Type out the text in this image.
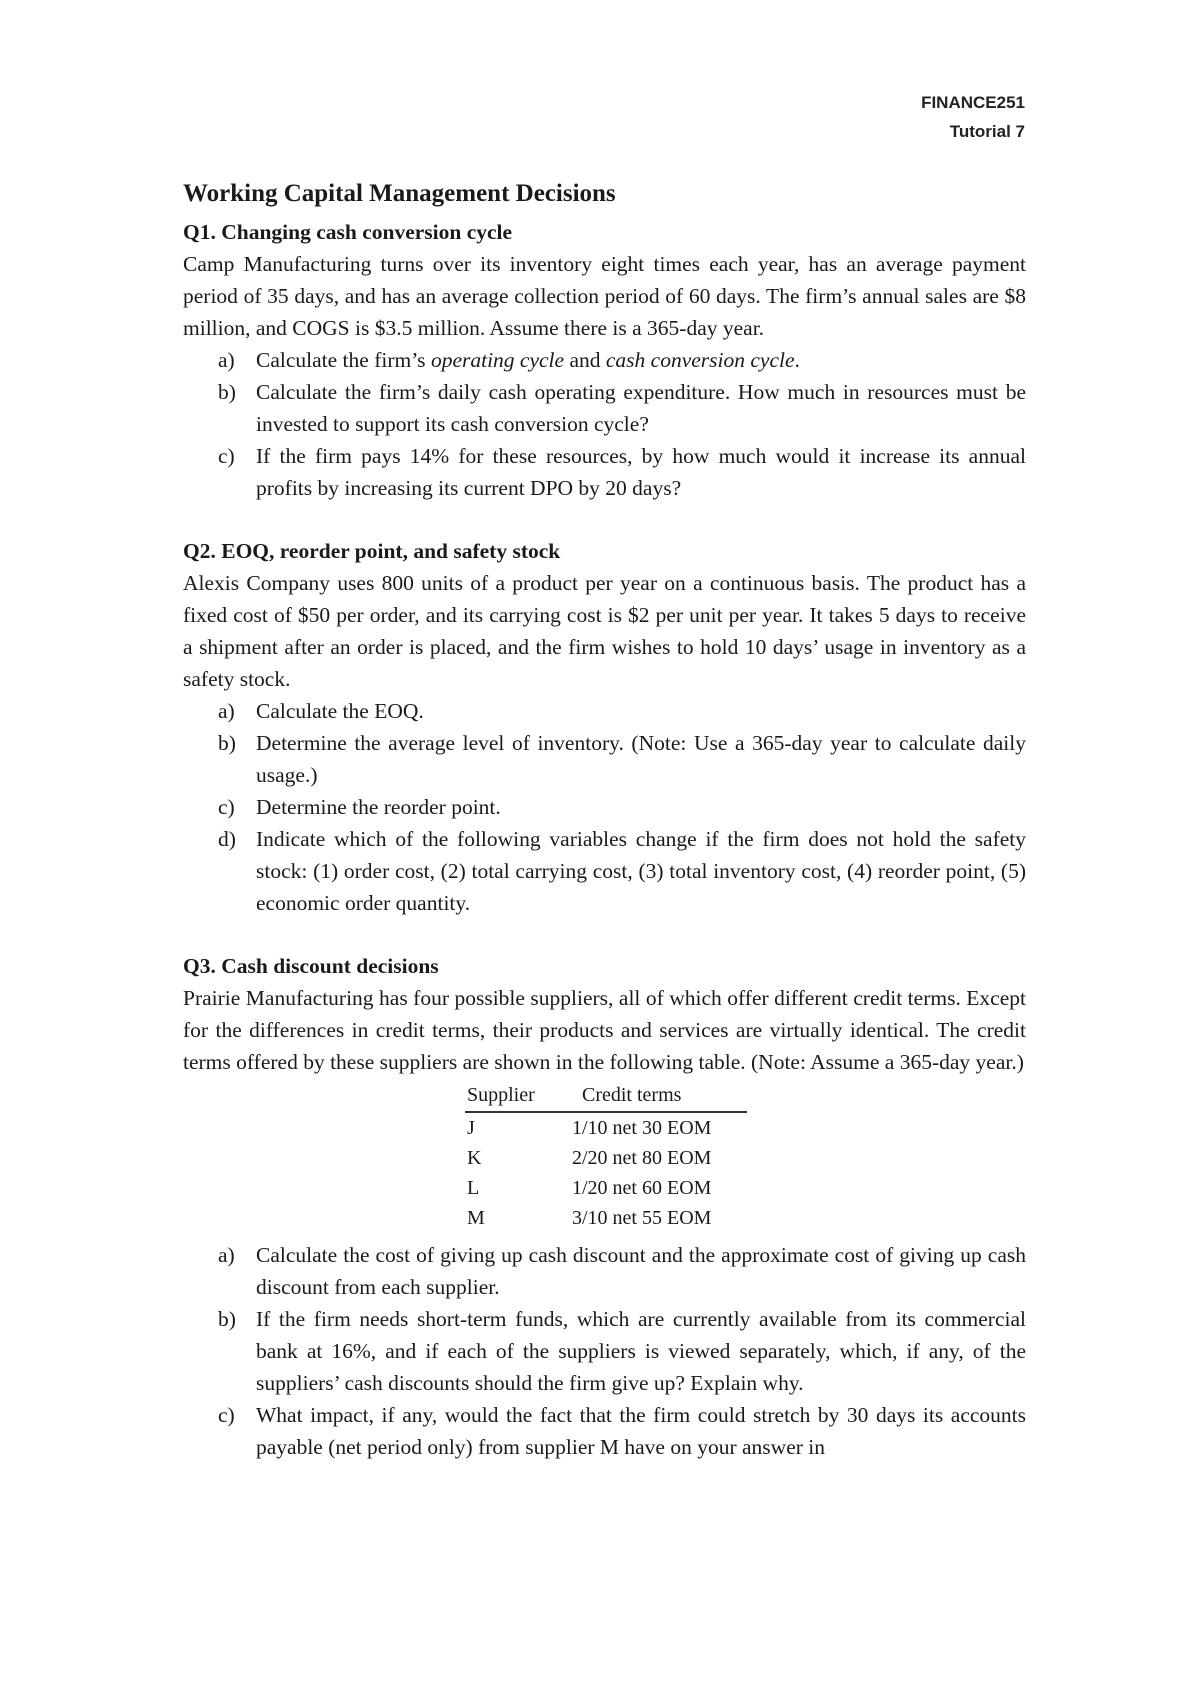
FINANCE251
Tutorial 7
Working Capital Management Decisions
Q1. Changing cash conversion cycle
Camp Manufacturing turns over its inventory eight times each year, has an average payment period of 35 days, and has an average collection period of 60 days. The firm’s annual sales are $8 million, and COGS is $3.5 million. Assume there is a 365-day year.
a) Calculate the firm’s operating cycle and cash conversion cycle.
b) Calculate the firm’s daily cash operating expenditure. How much in resources must be invested to support its cash conversion cycle?
c) If the firm pays 14% for these resources, by how much would it increase its annual profits by increasing its current DPO by 20 days?
Q2. EOQ, reorder point, and safety stock
Alexis Company uses 800 units of a product per year on a continuous basis. The product has a fixed cost of $50 per order, and its carrying cost is $2 per unit per year. It takes 5 days to receive a shipment after an order is placed, and the firm wishes to hold 10 days’ usage in inventory as a safety stock.
a) Calculate the EOQ.
b) Determine the average level of inventory. (Note: Use a 365-day year to calculate daily usage.)
c) Determine the reorder point.
d) Indicate which of the following variables change if the firm does not hold the safety stock: (1) order cost, (2) total carrying cost, (3) total inventory cost, (4) reorder point, (5) economic order quantity.
Q3. Cash discount decisions
Prairie Manufacturing has four possible suppliers, all of which offer different credit terms. Except for the differences in credit terms, their products and services are virtually identical. The credit terms offered by these suppliers are shown in the following table. (Note: Assume a 365-day year.)
Supplier	Credit terms
J	1/10 net 30 EOM
K	2/20 net 80 EOM
L	1/20 net 60 EOM
M	3/10 net 55 EOM
a) Calculate the cost of giving up cash discount and the approximate cost of giving up cash discount from each supplier.
b) If the firm needs short-term funds, which are currently available from its commercial bank at 16%, and if each of the suppliers is viewed separately, which, if any, of the suppliers’ cash discounts should the firm give up? Explain why.
c) What impact, if any, would the fact that the firm could stretch by 30 days its accounts payable (net period only) from supplier M have on your answer in
